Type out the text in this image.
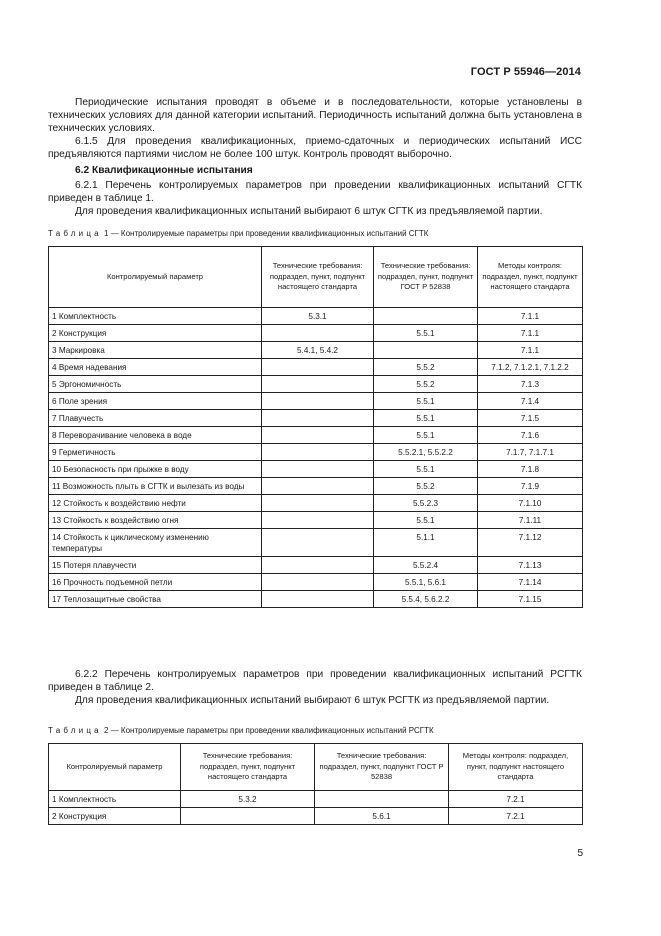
ГОСТ Р 55946—2014

Периодические испытания проводят в объеме и в последовательности, которые установлены в технических условиях для данной категории испытаний. Периодичность испытаний должна быть установлена в технических условиях.

6.1.5 Для проведения квалификационных, приемо-сдаточных и периодических испытаний ИСС предъявляются партиями числом не более 100 штук. Контроль проводят выборочно.

6.2 Квалификационные испытания

6.2.1 Перечень контролируемых параметров при проведении квалификационных испытаний СГТК приведен в таблице 1.

Для проведения квалификационных испытаний выбирают 6 штук СГТК из предъявляемой партии.

Таблица 1 — Контролируемые параметры при проведении квалификационных испытаний СГТК
Контролируемый параметр	Технические требования: подраздел, пункт, подпункт настоящего стандарта	Технические требования: подраздел, пункт, подпункт ГОСТ Р 52838	Методы контроля: подраздел, пункт, подпункт настоящего стандарта
1 Комплектность	5.3.1		7.1.1
2 Конструкция		5.5.1	7.1.1
3 Маркировка	5.4.1, 5.4.2		7.1.1
4 Время надевания		5.5.2	7.1.2, 7.1.2.1, 7.1.2.2
5 Эргономичность		5.5.2	7.1.3
6 Поле зрения		5.5.1	7.1.4
7 Плавучесть		5.5.1	7.1.5
8 Переворачивание человека в воде		5.5.1	7.1.6
9 Герметичность		5.5.2.1, 5.5.2.2	7.1.7, 7.1.7.1
10 Безопасность при прыжке в воду		5.5.1	7.1.8
11 Возможность плыть в СГТК и вылезать из воды		5.5.2	7.1.9
12 Стойкость к воздействию нефти		5.5.2.3	7.1.10
13 Стойкость к воздействию огня		5.5.1	7.1.11
14 Стойкость к циклическому изменению температуры		5.1.1	7.1.12
15 Потеря плавучести		5.5.2.4	7.1.13
16 Прочность подъемной петли		5.5.1, 5.6.1	7.1.14
17 Теплозащитные свойства		5.5.4, 5.6.2.2	7.1.15

6.2.2 Перечень контролируемых параметров при проведении квалификационных испытаний РСГТК приведен в таблице 2.

Для проведения квалификационных испытаний выбирают 6 штук РСГТК из предъявляемой партии.

Таблица 2 — Контролируемые параметры при проведении квалификационных испытаний РСГТК
Контролируемый параметр	Технические требования: подраздел, пункт, подпункт настоящего стандарта	Технические требования: подраздел, пункт, подпункт ГОСТ Р 52838	Методы контроля: подраздел, пункт, подпункт настоящего стандарта
1 Комплектность	5.3.2		7.2.1
2 Конструкция		5.6.1	7.2.1
5
